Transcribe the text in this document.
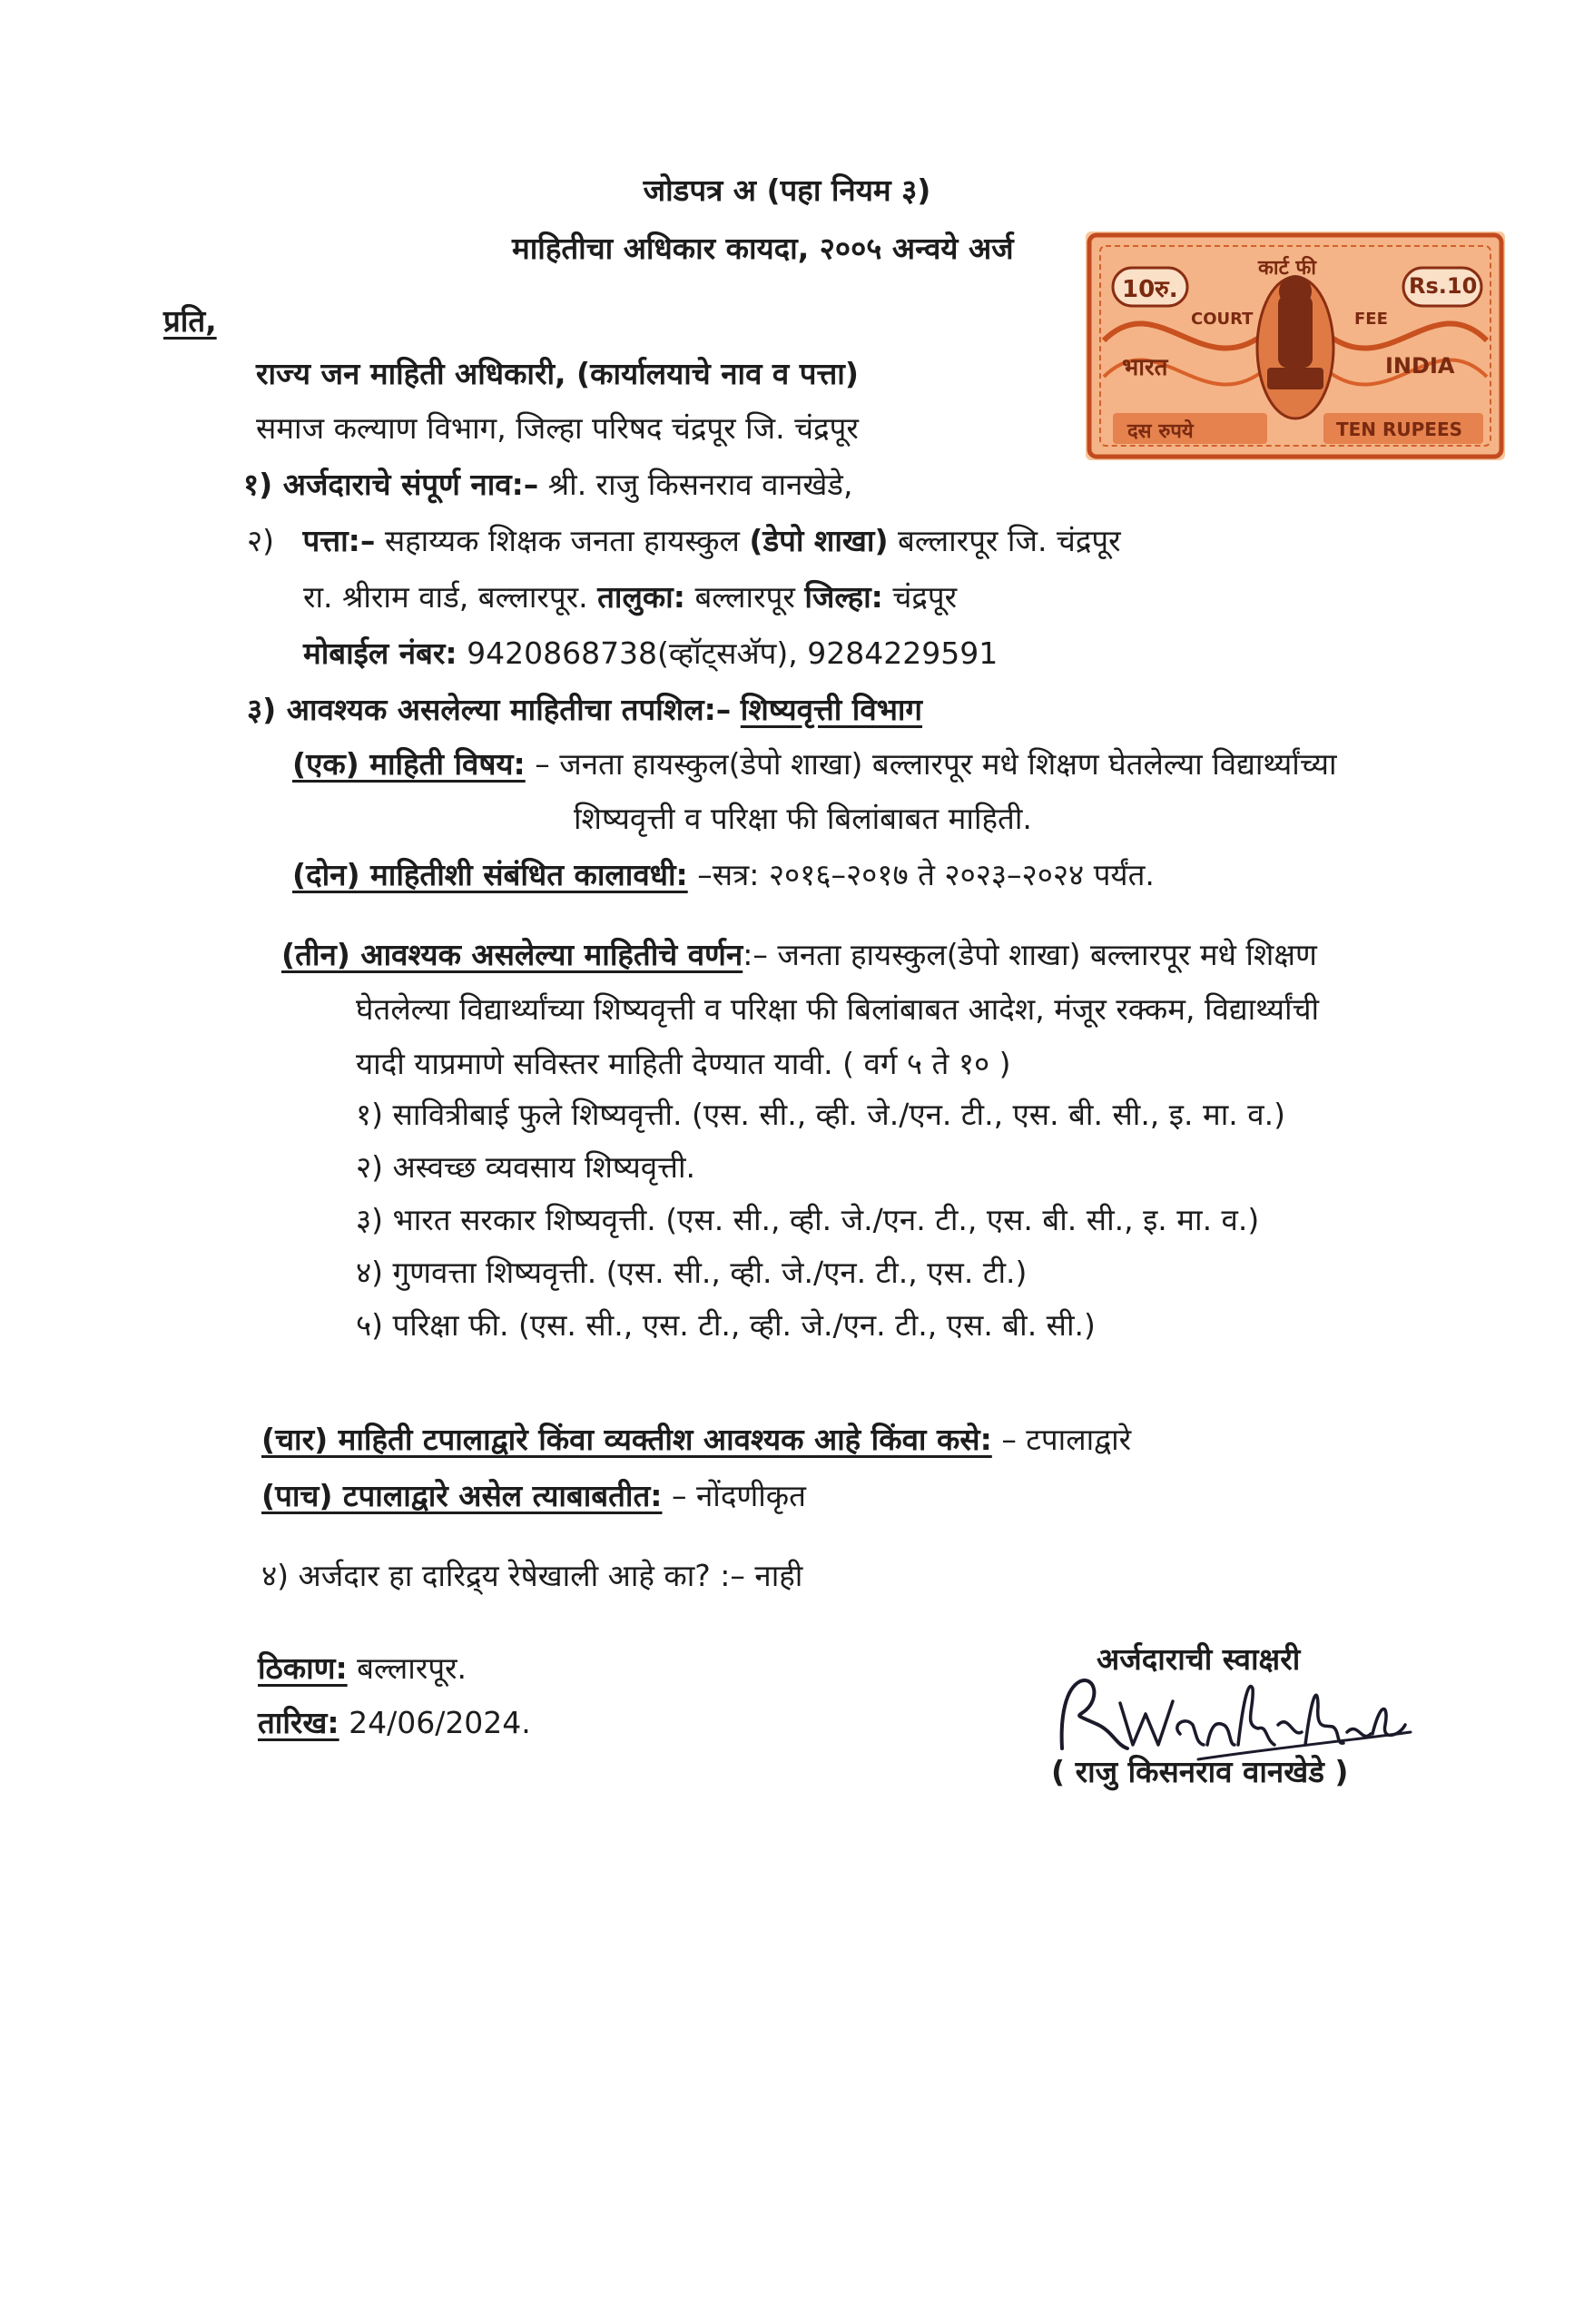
जोडपत्र अ (पहा नियम ३)
माहितीचा अधिकार कायदा, २००५ अन्वये अर्ज
10रु.
कार्ट फी
Rs.10
COURT	FEE
भारत	INDIA
दस रुपये	TEN RUPEES
प्रति,
राज्य जन माहिती अधिकारी, (कार्यालयाचे नाव व पत्ता)
समाज कल्याण विभाग, जिल्हा परिषद चंद्रपूर जि. चंद्रपूर
१) अर्जदाराचे संपूर्ण नाव:– श्री. राजु किसनराव वानखेडे,
२) पत्ता:– सहाय्यक शिक्षक जनता हायस्कुल (डेपो शाखा) बल्लारपूर जि. चंद्रपूर
रा. श्रीराम वार्ड, बल्लारपूर. तालुका: बल्लारपूर जिल्हा: चंद्रपूर
मोबाईल नंबर: 9420868738(व्हॉट्सअ‍ॅप), 9284229591
३) आवश्यक असलेल्या माहितीचा तपशिल:– शिष्यवृत्ती विभाग
(एक) माहिती विषय: – जनता हायस्कुल(डेपो शाखा) बल्लारपूर मधे शिक्षण घेतलेल्या विद्यार्थ्यांच्या
शिष्यवृत्ती व परिक्षा फी बिलांबाबत माहिती.
(दोन) माहितीशी संबंधित कालावधी: –सत्र: २०१६–२०१७ ते २०२३–२०२४ पर्यंत.
(तीन) आवश्यक असलेल्या माहितीचे वर्णन:– जनता हायस्कुल(डेपो शाखा) बल्लारपूर मधे शिक्षण
घेतलेल्या विद्यार्थ्यांच्या शिष्यवृत्ती व परिक्षा फी बिलांबाबत आदेश, मंजूर रक्कम, विद्यार्थ्यांची
यादी याप्रमाणे सविस्तर माहिती देण्यात यावी. ( वर्ग ५ ते १० )
१) सावित्रीबाई फुले शिष्यवृत्ती. (एस. सी., व्ही. जे./एन. टी., एस. बी. सी., इ. मा. व.)
२) अस्वच्छ व्यवसाय शिष्यवृत्ती.
३) भारत सरकार शिष्यवृत्ती. (एस. सी., व्ही. जे./एन. टी., एस. बी. सी., इ. मा. व.)
४) गुणवत्ता शिष्यवृत्ती. (एस. सी., व्ही. जे./एन. टी., एस. टी.)
५) परिक्षा फी. (एस. सी., एस. टी., व्ही. जे./एन. टी., एस. बी. सी.)
(चार) माहिती टपालाद्वारे किंवा व्यक्तीश आवश्यक आहे किंवा कसे: – टपालाद्वारे
(पाच) टपालाद्वारे असेल त्याबाबतीत: – नोंदणीकृत
४) अर्जदार हा दारिद्र्य रेषेखाली आहे का? :– नाही
ठिकाण: बल्लारपूर.
तारिख: 24/06/2024.
अर्जदाराची स्वाक्षरी
( राजु किसनराव वानखेडे )
